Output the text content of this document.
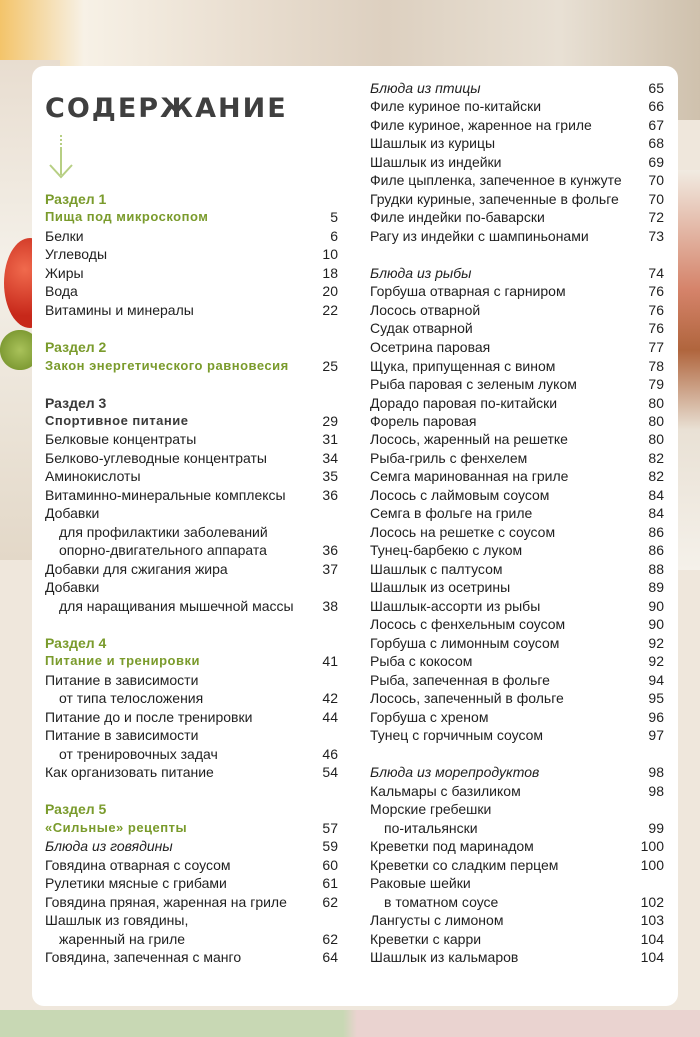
СОДЕРЖАНИЕ
Раздел 1
Пища под микроскопом	5
Белки	6
Углеводы	10
Жиры	18
Вода	20
Витамины и минералы	22
Раздел 2
Закон энергетического равновесия 25
Раздел 3
Спортивное питание	29
Белковые концентраты	31
Белково-углеводные концентраты	34
Аминокислоты	35
Витаминно-минеральные комплексы	36
Добавки
для профилактики заболеваний
опорно-двигательного аппарата	36
Добавки для сжигания жира	37
Добавки
для наращивания мышечной массы 38
Раздел 4
Питание и тренировки	41
Питание в зависимости
от типа телосложения	42
Питание до и после тренировки	44
Питание в зависимости
от тренировочных задач	46
Как организовать питание	54
Раздел 5
«Сильные» рецепты	57
Блюда из говядины	59
Говядина отварная с соусом	60
Рулетики мясные с грибами	61
Говядина пряная, жаренная на гриле	62
Шашлык из говядины,
жаренный на гриле	62
Говядина, запеченная с манго	64
Блюда из птицы	65
Филе куриное по-китайски	66
Филе куриное, жаренное на гриле	67
Шашлык из курицы	68
Шашлык из индейки	69
Филе цыпленка, запеченное в кунжуте 70
Грудки куриные, запеченные в фольге 70
Филе индейки по-баварски	72
Рагу из индейки с шампиньонами	73
Блюда из рыбы	74
Горбуша отварная с гарниром	76
Лосось отварной	76
Судак отварной	76
Осетрина паровая	77
Щука, припущенная с вином	78
Рыба паровая с зеленым луком	79
Дорадо паровая по-китайски	80
Форель паровая	80
Лосось, жаренный на решетке	80
Рыба-гриль с фенхелем	82
Семга маринованная на гриле	82
Лосось с лаймовым соусом	84
Семга в фольге на гриле	84
Лосось на решетке с соусом	86
Тунец-барбекю с луком	86
Шашлык с палтусом	88
Шашлык из осетрины	89
Шашлык-ассорти из рыбы	90
Лосось с фенхельным соусом	90
Горбуша с лимонным соусом	92
Рыба с кокосом	92
Рыба, запеченная в фольге	94
Лосось, запеченный в фольге	95
Горбуша с хреном	96
Тунец с горчичным соусом	97
Блюда из морепродуктов	98
Кальмары с базиликом	98
Морские гребешки
по-итальянски	99
Креветки под маринадом	100
Креветки со сладким перцем	100
Раковые шейки
в томатном соусе	102
Лангусты с лимоном	103
Креветки с карри	104
Шашлык из кальмаров	104
